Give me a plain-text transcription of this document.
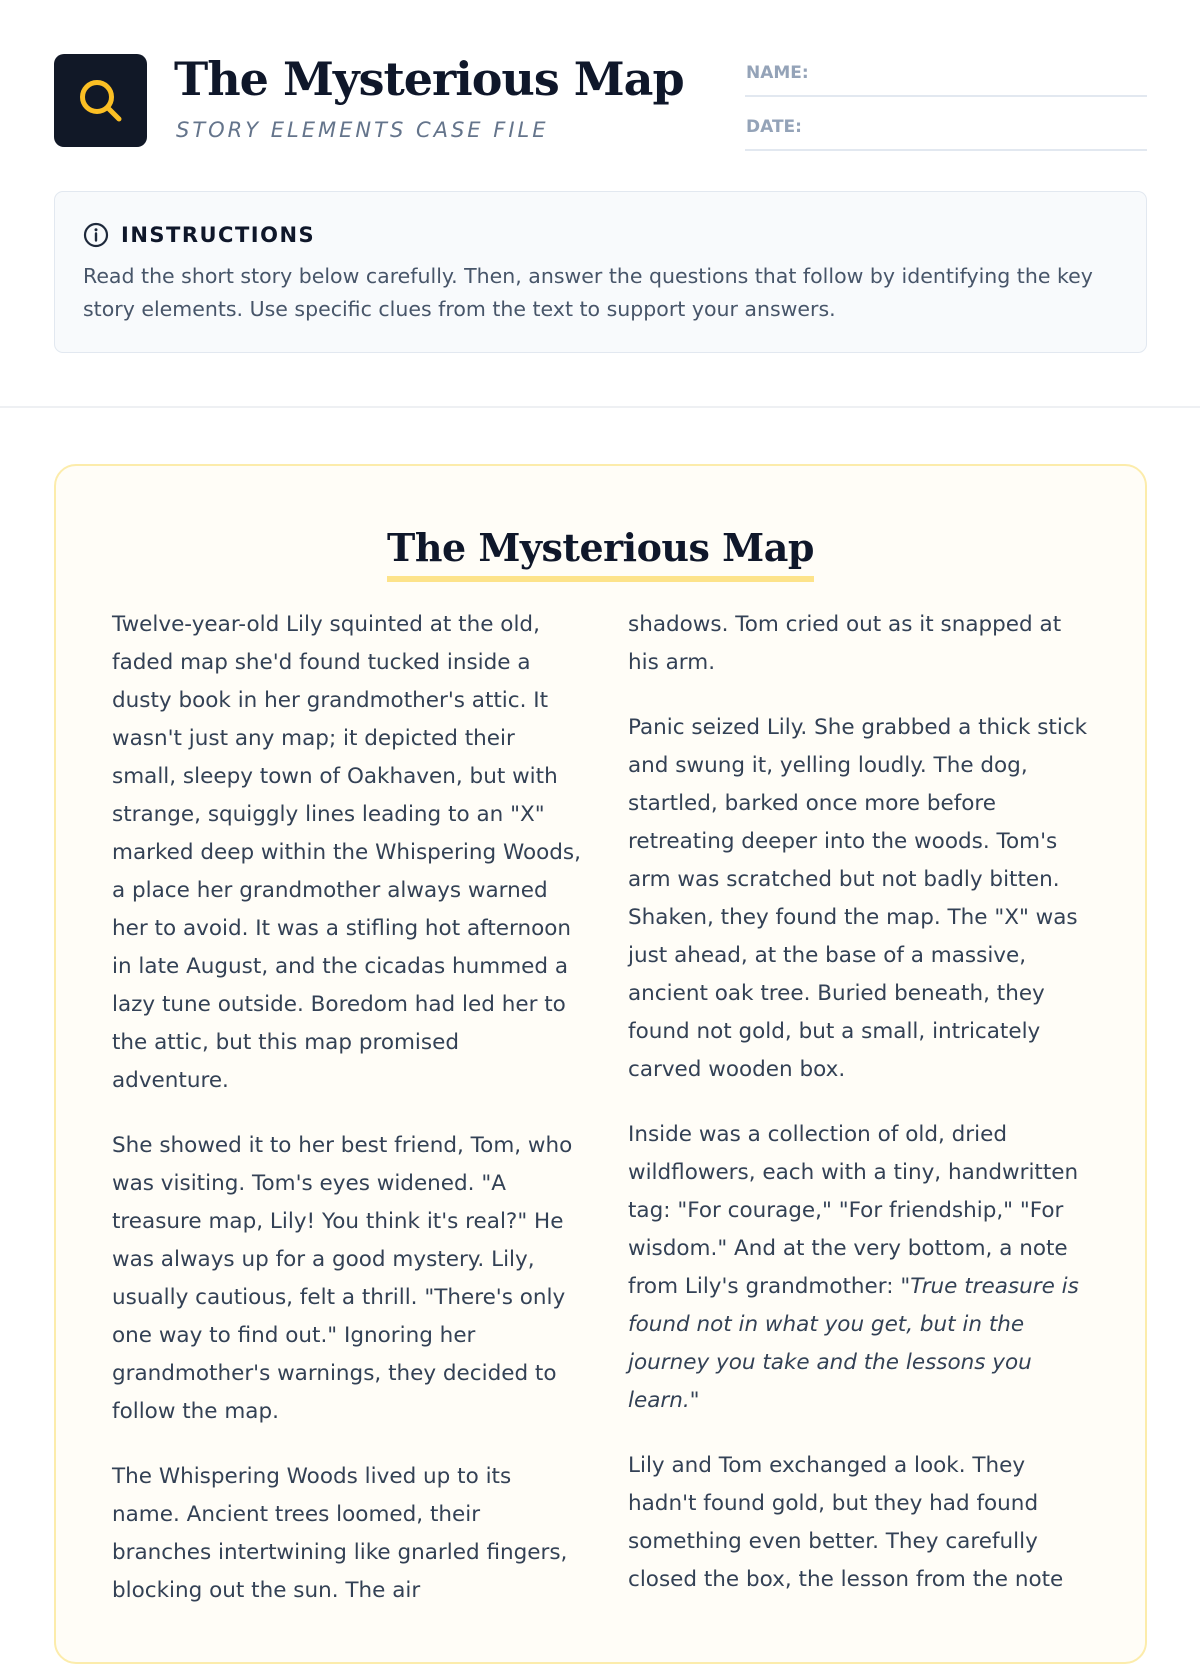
The Mysterious Map
STORY ELEMENTS CASE FILE
NAME:
DATE:
INSTRUCTIONS

Read the short story below carefully. Then, answer the questions that follow by identifying the key story elements. Use specific clues from the text to support your answers.

The Mysterious Map

Twelve-year-old Lily squinted at the old, faded map she'd found tucked inside a dusty book in her grandmother's attic. It wasn't just any map; it depicted their small, sleepy town of Oakhaven, but with strange, squiggly lines leading to an "X" marked deep within the Whispering Woods, a place her grandmother always warned her to avoid. It was a stifling hot afternoon in late August, and the cicadas hummed a lazy tune outside. Boredom had led her to the attic, but this map promised adventure.

She showed it to her best friend, Tom, who was visiting. Tom's eyes widened. "A treasure map, Lily! You think it's real?" He was always up for a good mystery. Lily, usually cautious, felt a thrill. "There's only one way to find out." Ignoring her grandmother's warnings, they decided to follow the map.

The Whispering Woods lived up to its name. Ancient trees loomed, their branches intertwining like gnarled fingers, blocking out the sun. The air

shadows. Tom cried out as it snapped at his arm.

Panic seized Lily. She grabbed a thick stick and swung it, yelling loudly. The dog, startled, barked once more before retreating deeper into the woods. Tom's arm was scratched but not badly bitten. Shaken, they found the map. The "X" was just ahead, at the base of a massive, ancient oak tree. Buried beneath, they found not gold, but a small, intricately carved wooden box.

Inside was a collection of old, dried wildflowers, each with a tiny, handwritten tag: "For courage," "For friendship," "For wisdom." And at the very bottom, a note from Lily's grandmother: "True treasure is found not in what you get, but in the journey you take and the lessons you learn."

Lily and Tom exchanged a look. They hadn't found gold, but they had found something even better. They carefully closed the box, the lesson from the note
